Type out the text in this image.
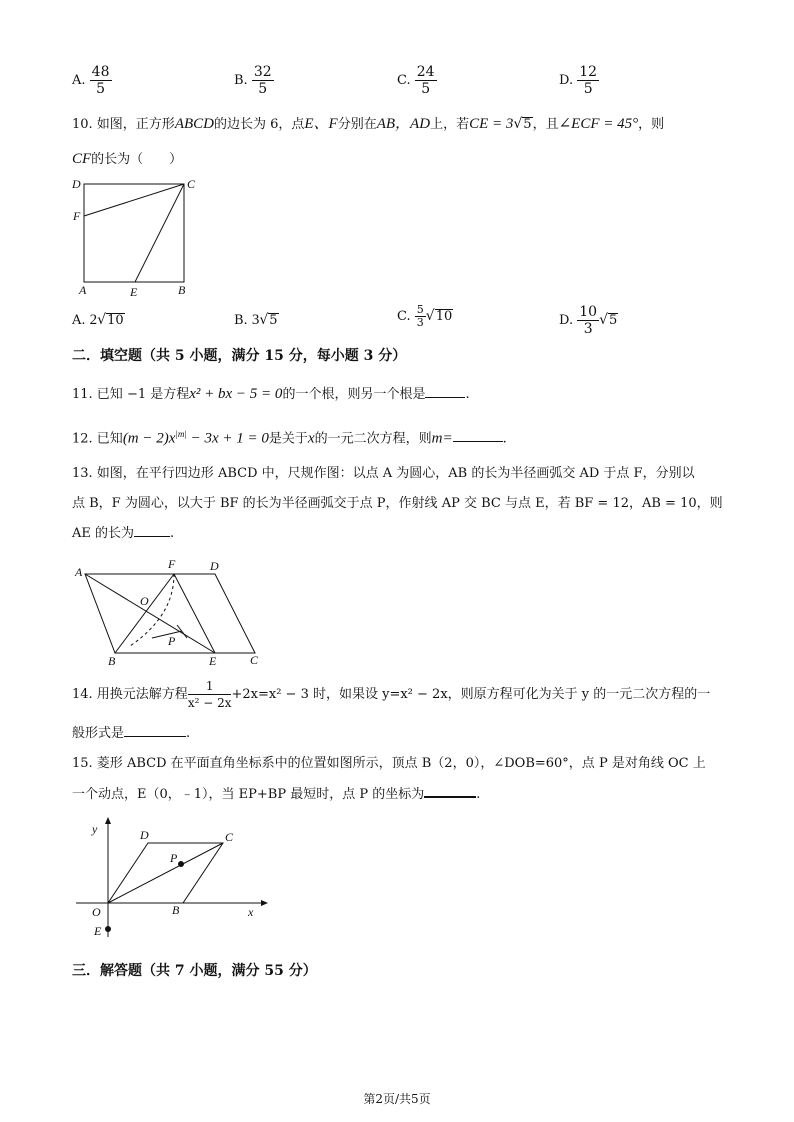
A. $\frac{48}{5}$	B. $\frac{32}{5}$	C. $\frac{24}{5}$	D. $\frac{12}{5}$
10. 如图，正方形ABCD的边长为 6，点E、F分别在AB，AD上，若CE = 3√5，且∠ECF = 45°，则
CF的长为（　　）
D	C
F
A	E	B
A. 2√10	B. 3√5	C. $\frac{5}{3} √10$	D. $\frac{10}{3} √5$
二．填空题（共 5 小题，满分 15 分，每小题 3 分）
11. 已知 −1 是方程x² + bx − 5 = 0的一个根，则另一个根是	.
12. 已知$(m - 2)x^{|m|} - 3x + 1 = 0$是关于x的一元二次方程，则m=	.
13. 如图，在平行四边形 ABCD 中，尺规作图：以点 A 为圆心，AB 的长为半径画弧交 AD 于点 F，分别以
点 B，F 为圆心，以大于 BF 的长为半径画弧交于点 P，作射线 AP 交 BC 与点 E，若 BF = 12，AB = 10，则
AE 的长为	.
A
F	D
O
P
B	E	C
14. 用换元法解方程 $\frac{1}{\text{x² − 2x}} +2x=x^2 - 3$ 时，如果设 y=x² − 2x，则原方程可化为关于 y 的一元二次方程的一
般形式是	.
15. 菱形 ABCD 在平面直角坐标系中的位置如图所示，顶点 B（2，0），∠DOB=60°，点 P 是对角线 OC 上
一个动点，E（0，﹣1），当 EP+BP 最短时，点 P 的坐标为	.
y	D	C
P
O	B	x
E
三．解答题（共 7 小题，满分 55 分）
第2页/共5页
